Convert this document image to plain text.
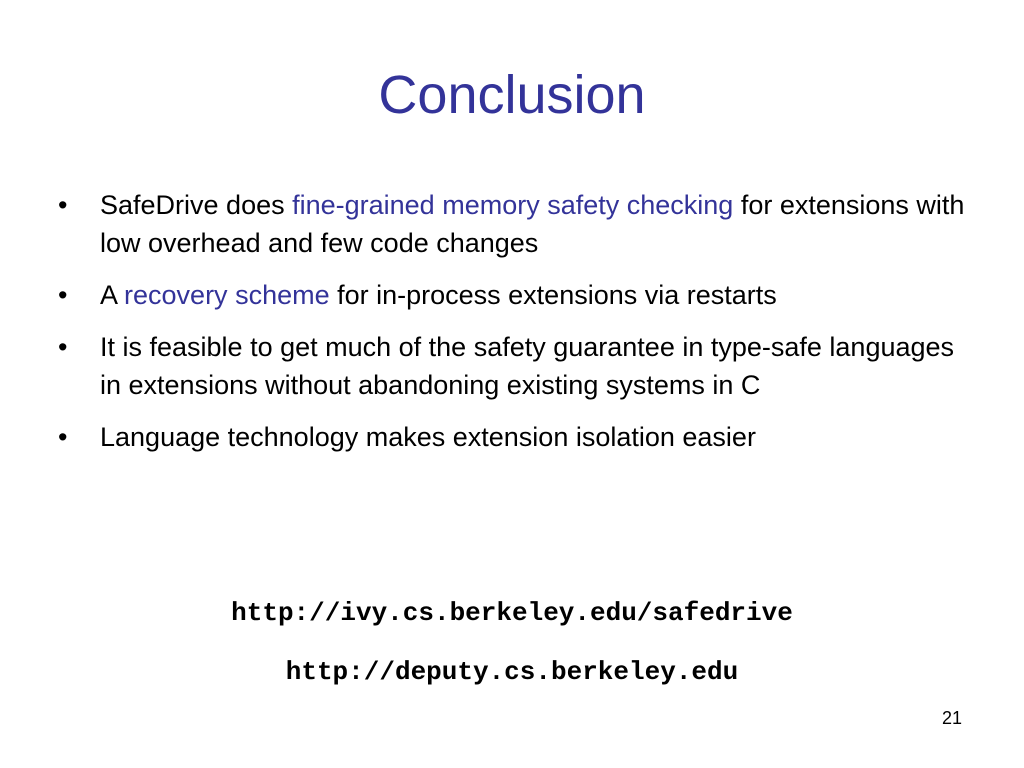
Conclusion
•	SafeDrive does fine-grained memory safety checking for extensions with low overhead and few code changes
•	A recovery scheme for in-process extensions via restarts
•	It is feasible to get much of the safety guarantee in type-safe languages in extensions without abandoning existing systems in C
•	Language technology makes extension isolation easier
http://ivy.cs.berkeley.edu/safedrive
http://deputy.cs.berkeley.edu
21
